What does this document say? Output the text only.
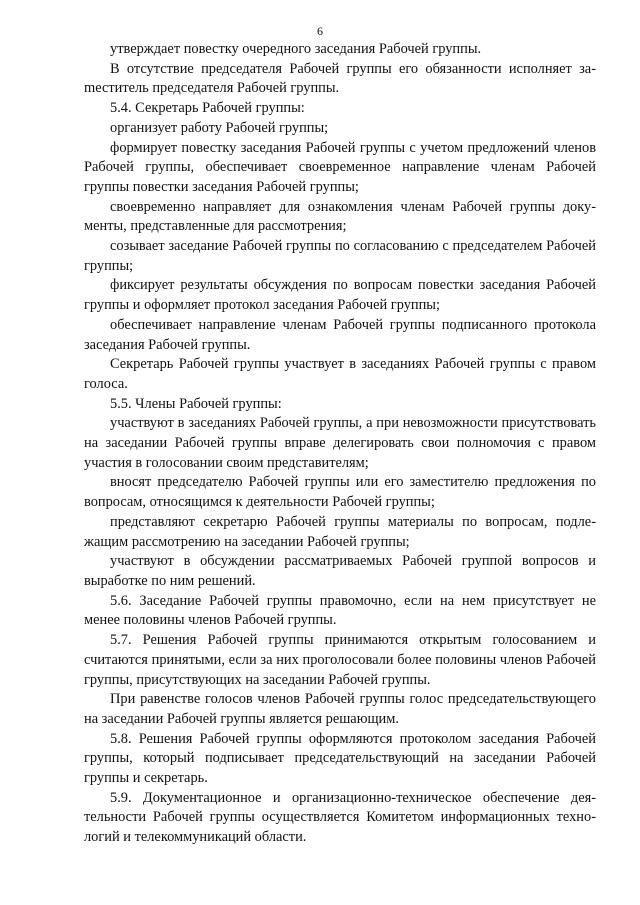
6

утверждает повестку очередного заседания Рабочей группы.

В отсутствие председателя Рабочей группы его обязанности исполняет заmеститель председателя Рабочей группы.

5.4. Секретарь Рабочей группы:

организует работу Рабочей группы;

формирует повестку заседания Рабочей группы с учетом предложений членов Рабочей группы, обеспечивает своевременное направление членам Рабочей группы повестки заседания Рабочей группы;

своевременно направляет для ознакомления членам Рабочей группы документы, представленные для рассмотрения;

созывает заседание Рабочей группы по согласованию с председателем Рабочей группы;

фиксирует результаты обсуждения по вопросам повестки заседания Рабочей группы и оформляет протокол заседания Рабочей группы;

обеспечивает направление членам Рабочей группы подписанного протокола заседания Рабочей группы.

Секретарь Рабочей группы участвует в заседаниях Рабочей группы с правом голоса.

5.5. Члены Рабочей группы:

участвуют в заседаниях Рабочей группы, а при невозможности присутствовать на заседании Рабочей группы вправе делегировать свои полномочия с правом участия в голосовании своим представителям;

вносят председателю Рабочей группы или его заместителю предложения по вопросам, относящимся к деятельности Рабочей группы;

представляют секретарю Рабочей группы материалы по вопросам, подлежащим рассмотрению на заседании Рабочей группы;

участвуют в обсуждении рассматриваемых Рабочей группой вопросов и выработке по ним решений.

5.6. Заседание Рабочей группы правомочно, если на нем присутствует не менее половины членов Рабочей группы.

5.7. Решения Рабочей группы принимаются открытым голосованием и считаются принятыми, если за них проголосовали более половины членов Рабочей группы, присутствующих на заседании Рабочей группы.

При равенстве голосов членов Рабочей группы голос председательствующего на заседании Рабочей группы является решающим.

5.8. Решения Рабочей группы оформляются протоколом заседания Рабочей группы, который подписывает председательствующий на заседании Рабочей группы и секретарь.

5.9. Документационное и организационно-техническое обеспечение деятельности Рабочей группы осуществляется Комитетом информационных технологий и телекоммуникаций области.
